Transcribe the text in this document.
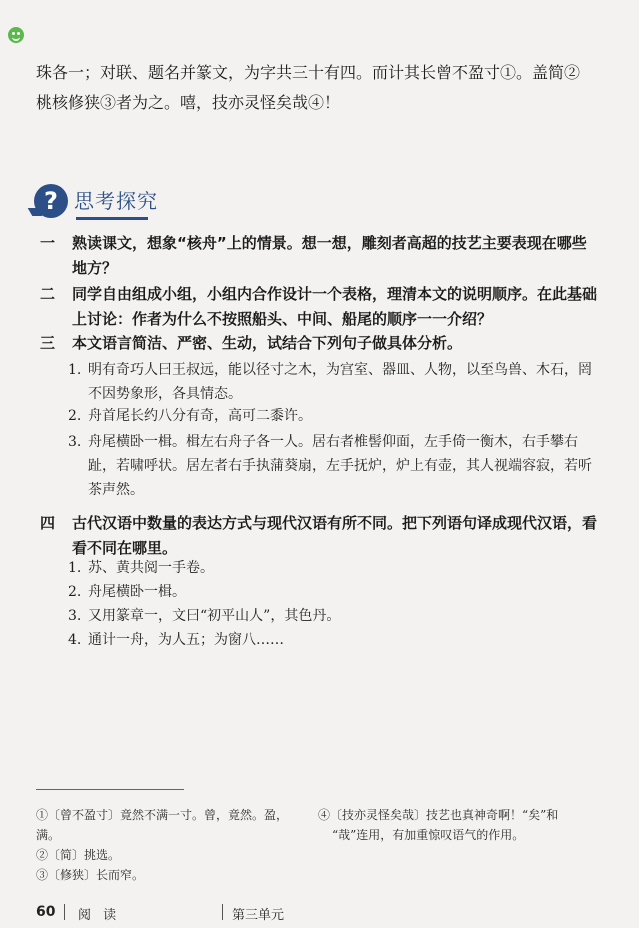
珠各一；对联、题名并篆文，为字共三十有四。而计其长曾不盈寸①。盖简②

桃核修狭③者为之。嘻，技亦灵怪矣哉④！

? 思考探究
一	熟读课文，想象“核舟”上的情景。想一想，雕刻者高超的技艺主要表现在哪些地方？
二	同学自由组成小组，小组内合作设计一个表格，理清本文的说明顺序。在此基础上讨论：作者为什么不按照船头、中间、船尾的顺序一一介绍？
三	本文语言简洁、严密、生动，试结合下列句子做具体分析。
1. 明有奇巧人曰王叔远，能以径寸之木，为宫室、器皿、人物，以至鸟兽、木石，罔不因势象形，各具情态。
2. 舟首尾长约八分有奇，高可二黍许。
3. 舟尾横卧一楫。楫左右舟子各一人。居右者椎髻仰面，左手倚一衡木，右手攀右趾，若啸呼状。居左者右手执蒲葵扇，左手抚炉，炉上有壶，其人视端容寂，若听茶声然。
四	古代汉语中数量的表达方式与现代汉语有所不同。把下列语句译成现代汉语，看看不同在哪里。
1. 苏、黄共阅一手卷。
2. 舟尾横卧一楫。
3. 又用篆章一，文曰“初平山人”，其色丹。
4. 通计一舟，为人五；为窗八……
①〔曾不盈寸〕竟然不满一寸。曾，竟然。盈，满。
②〔简〕挑选。
③〔修狭〕长而窄。
④〔技亦灵怪矣哉〕技艺也真神奇啊！“矣”和
“哉”连用，有加重惊叹语气的作用。
60 阅 读	第三单元
